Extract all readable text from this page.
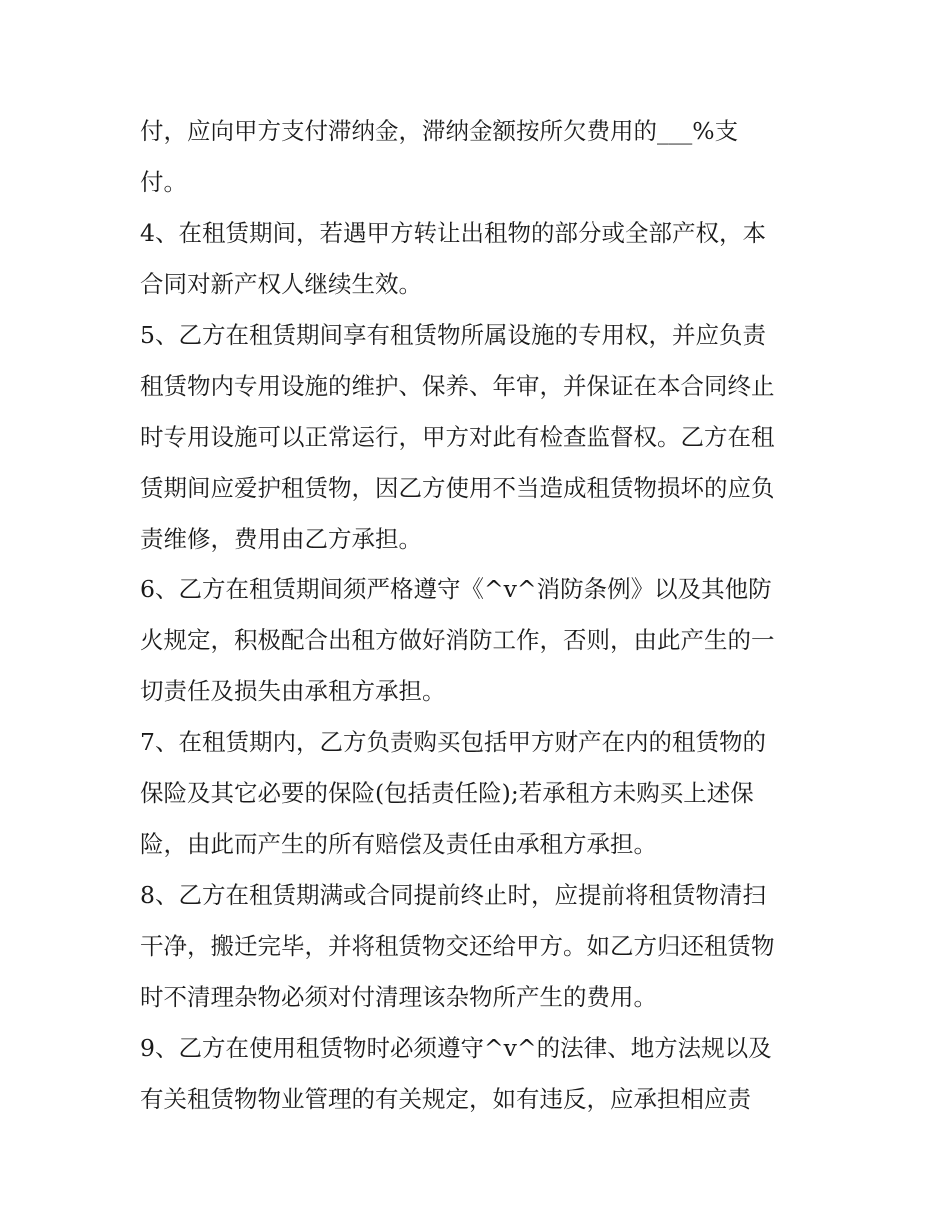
付，应向甲方支付滞纳金，滞纳金额按所欠费用的___%支
付。
4、在租赁期间，若遇甲方转让出租物的部分或全部产权，本
合同对新产权人继续生效。
5、乙方在租赁期间享有租赁物所属设施的专用权，并应负责
租赁物内专用设施的维护、保养、年审，并保证在本合同终止
时专用设施可以正常运行，甲方对此有检查监督权。乙方在租
赁期间应爱护租赁物，因乙方使用不当造成租赁物损坏的应负
责维修，费用由乙方承担。
6、乙方在租赁期间须严格遵守《^v^消防条例》以及其他防
火规定，积极配合出租方做好消防工作，否则，由此产生的一
切责任及损失由承租方承担。
7、在租赁期内，乙方负责购买包括甲方财产在内的租赁物的
保险及其它必要的保险(包括责任险);若承租方未购买上述保
险，由此而产生的所有赔偿及责任由承租方承担。
8、乙方在租赁期满或合同提前终止时，应提前将租赁物清扫
干净，搬迁完毕，并将租赁物交还给甲方。如乙方归还租赁物
时不清理杂物必须对付清理该杂物所产生的费用。
9、乙方在使用租赁物时必须遵守^v^的法律、地方法规以及
有关租赁物物业管理的有关规定，如有违反，应承担相应责
